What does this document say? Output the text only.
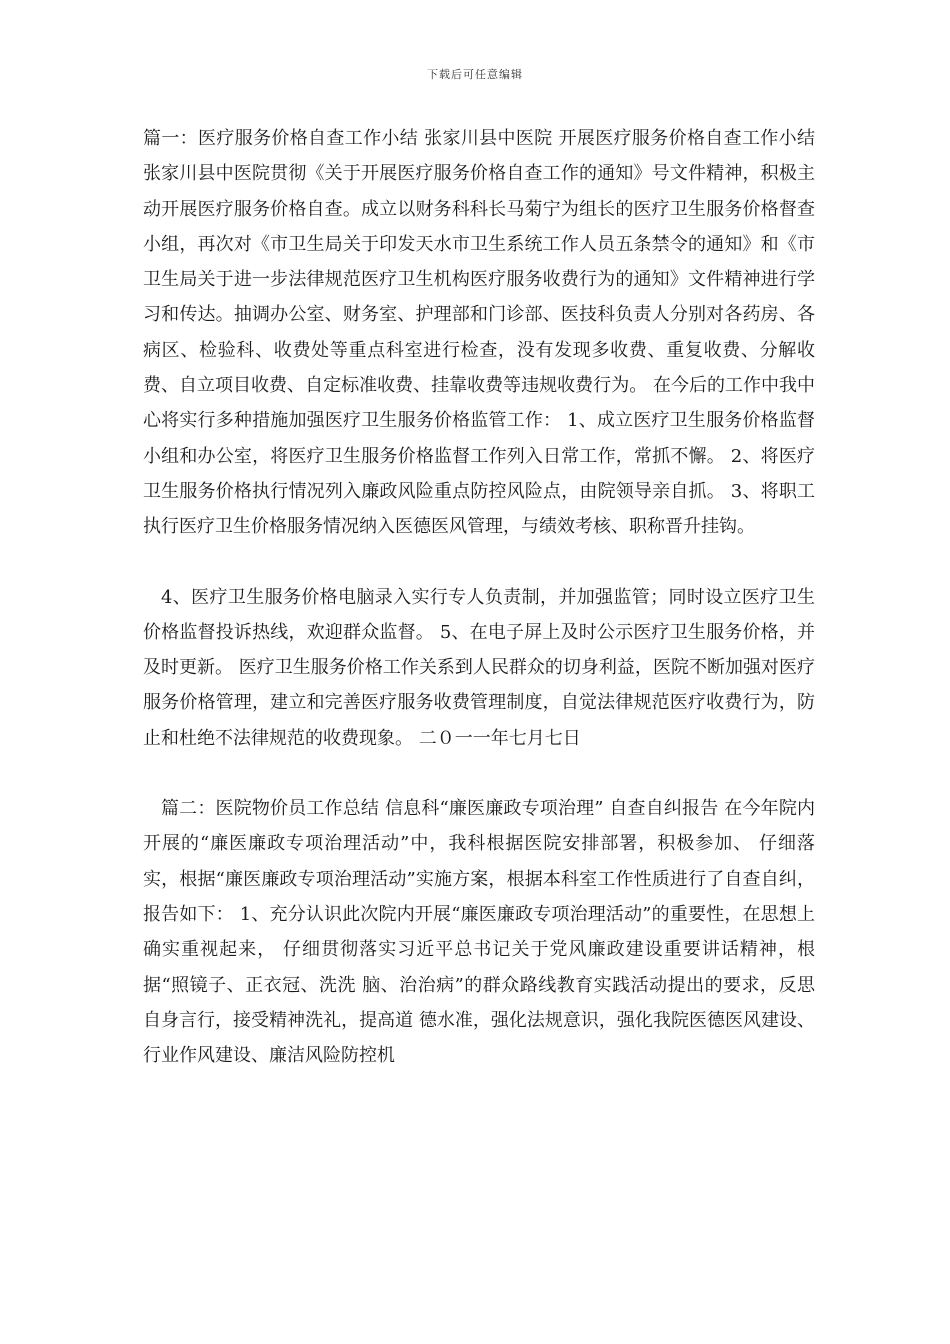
下载后可任意编辑

篇一：医疗服务价格自查工作小结 张家川县中医院 开展医疗服务价格自查工作小结 张家川县中医院贯彻《关于开展医疗服务价格自查工作的通知》号文件精神，积极主动开展医疗服务价格自查。成立以财务科科长马菊宁为组长的医疗卫生服务价格督查小组，再次对《市卫生局关于印发天水市卫生系统工作人员五条禁令的通知》和《市卫生局关于进一步法律规范医疗卫生机构医疗服务收费行为的通知》文件精神进行学习和传达。抽调办公室、财务室、护理部和门诊部、医技科负责人分别对各药房、各病区、检验科、收费处等重点科室进行检查，没有发现多收费、重复收费、分解收费、自立项目收费、自定标准收费、挂靠收费等违规收费行为。 在今后的工作中我中心将实行多种措施加强医疗卫生服务价格监管工作： 1、成立医疗卫生服务价格监督小组和办公室，将医疗卫生服务价格监督工作列入日常工作，常抓不懈。 2、将医疗卫生服务价格执行情况列入廉政风险重点防控风险点，由院领导亲自抓。 3、将职工执行医疗卫生价格服务情况纳入医德医风管理，与绩效考核、职称晋升挂钩。

4、医疗卫生服务价格电脑录入实行专人负责制，并加强监管；同时设立医疗卫生价格监督投诉热线，欢迎群众监督。 5、在电子屏上及时公示医疗卫生服务价格，并及时更新。 医疗卫生服务价格工作关系到人民群众的切身利益，医院不断加强对医疗服务价格管理，建立和完善医疗服务收费管理制度，自觉法律规范医疗收费行为，防止和杜绝不法律规范的收费现象。 二０一一年七月七日

篇二：医院物价员工作总结 信息科“廉医廉政专项治理” 自查自纠报告 在今年院内开展的“廉医廉政专项治理活动”中，我科根据医院安排部署，积极参加、 仔细落实，根据“廉医廉政专项治理活动”实施方案，根据本科室工作性质进行了自查自纠， 报告如下： 1、充分认识此次院内开展“廉医廉政专项治理活动”的重要性，在思想上确实重视起来， 仔细贯彻落实习近平总书记关于党风廉政建设重要讲话精神，根据“照镜子、正衣冠、洗洗 脑、治治病”的群众路线教育实践活动提出的要求，反思自身言行，接受精神洗礼，提高道 德水准，强化法规意识，强化我院医德医风建设、行业作风建设、廉洁风险防控机
